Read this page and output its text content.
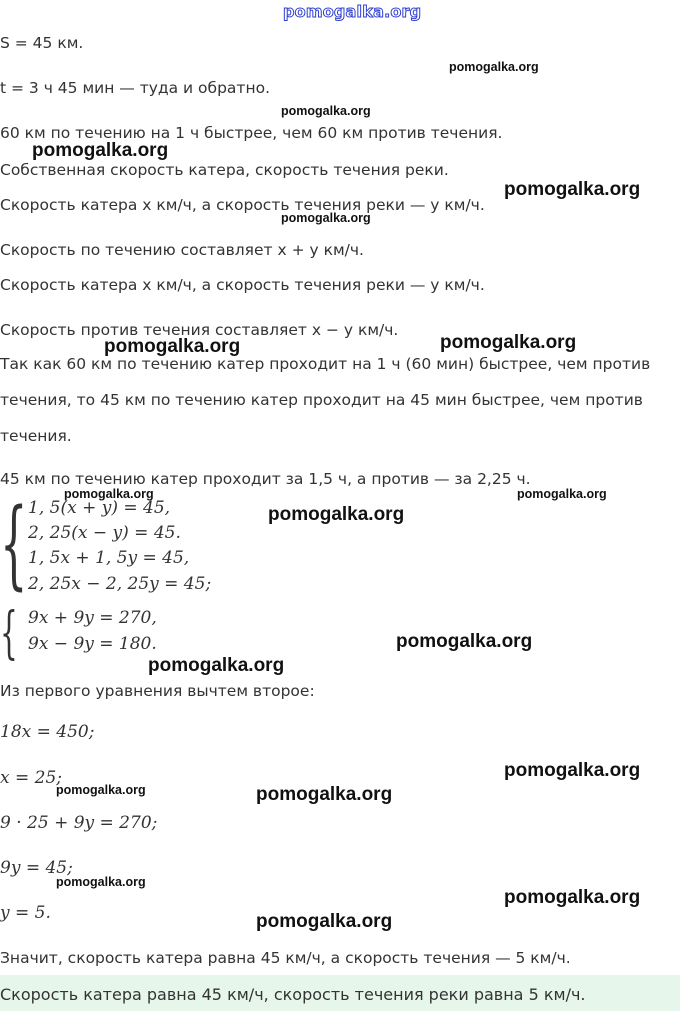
pomogalka.org
S = 45 км.
t = 3 ч 45 мин — туда и обратно.
60 км по течению на 1 ч быстрее, чем 60 км против течения.
Собственная скорость катера, скорость течения реки.
Скорость катера x км/ч, а скорость течения реки — y км/ч.
Скорость по течению составляет x + y км/ч.
Скорость катера x км/ч, а скорость течения реки — y км/ч.
Скорость против течения составляет x − y км/ч.
Так как 60 км по течению катер проходит на 1 ч (60 мин) быстрее, чем против
течения, то 45 км по течению катер проходит на 45 мин быстрее, чем против
течения.
45 км по течению катер проходит за 1,5 ч, а против — за 2,25 ч.
{ 1, 5(x + y) = 45,
2, 25(x − y) = 45.
1, 5x + 1, 5y = 45,
2, 25x − 2, 25y = 45;
{ 9x + 9y = 270,
9x − 9y = 180.
Из первого уравнения вычтем второе:
18x = 450;
x = 25;
9 · 25 + 9y = 270;
9y = 45;
y = 5.
Значит, скорость катера равна 45 км/ч, а скорость течения — 5 км/ч.
Скорость катера равна 45 км/ч, скорость течения реки равна 5 км/ч.
pomogalka.org
pomogalka.org
pomogalka.org
pomogalka.org
pomogalka.org
pomogalka.org
pomogalka.org
pomogalka.org	pomogalka.org
pomogalka.org
pomogalka.org
pomogalka.org
pomogalka.org
pomogalka.org	pomogalka.org
pomogalka.org
pomogalka.org
pomogalka.org
